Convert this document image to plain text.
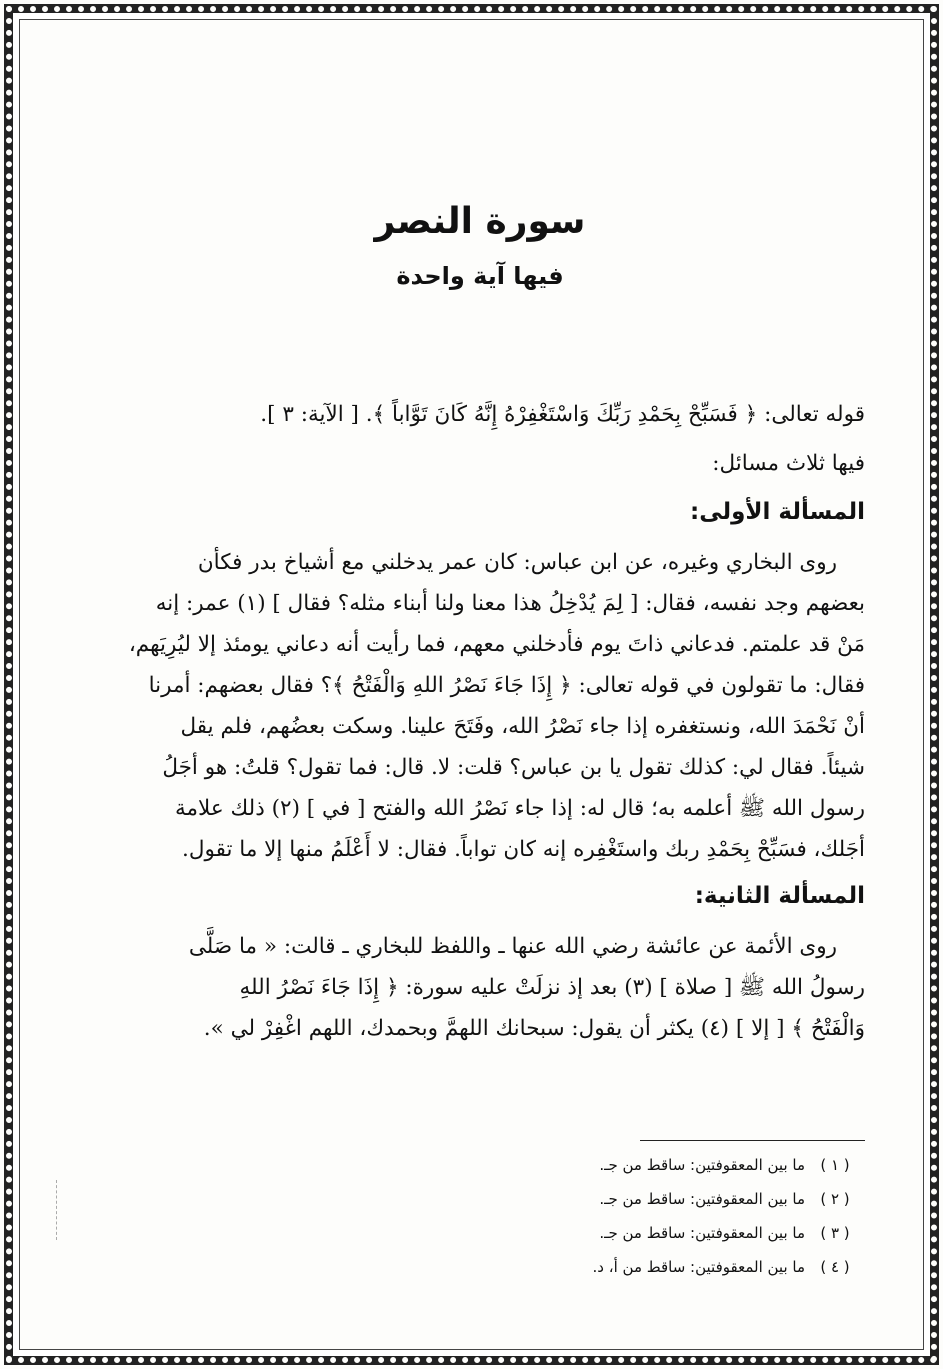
سورة النصر
فيها آية واحدة

قوله تعالى: ﴿ فَسَبِّحْ بِحَمْدِ رَبِّكَ وَاسْتَغْفِرْهُ إِنَّهُ كَانَ تَوَّاباً ﴾. [ الآية: ٣ ].

فيها ثلاث مسائل:

المسألة الأولى:

روى البخاري وغيره، عن ابن عباس: كان عمر يدخلني مع أشياخ بدر فكأن

بعضهم وجد نفسه، فقال: [ لِمَ يُدْخِلُ هذا معنا ولنا أبناء مثله؟ فقال ] (١) عمر: إنه

مَنْ قد علمتم. فدعاني ذاتَ يوم فأدخلني معهم، فما رأيت أنه دعاني يومئذ إلا ليُرِيَهم،

فقال: ما تقولون في قوله تعالى: ﴿ إِذَا جَاءَ نَصْرُ اللهِ وَالْفَتْحُ ﴾؟ فقال بعضهم: أمرنا

أنْ نَحْمَدَ الله، ونستغفره إذا جاء نَصْرُ الله، وفَتَحَ علينا. وسكت بعضُهم، فلم يقل

شيئاً. فقال لي: كذلك تقول يا بن عباس؟ قلت: لا. قال: فما تقول؟ قلتُ: هو أجَلُ

رسول الله ﷺ أعلمه به؛ قال له: إذا جاء نَصْرُ الله والفتح [ في ] (٢) ذلك علامة

أجَلك، فسَبِّحْ بِحَمْدِ ربك واستَغْفِره إنه كان تواباً. فقال: لا أَعْلَمُ منها إلا ما تقول.

المسألة الثانية:

روى الأئمة عن عائشة رضي الله عنها ـ واللفظ للبخاري ـ قالت: « ما صَلَّى

رسولُ الله ﷺ [ صلاة ] (٣) بعد إذ نزلَتْ عليه سورة: ﴿ إِذَا جَاءَ نَصْرُ اللهِ

وَالْفَتْحُ ﴾ [ إلا ] (٤) يكثر أن يقول: سبحانك اللهمَّ وبحمدك، اللهم اغْفِرْ لي ».

( ١ )
ما بين المعقوفتين: ساقط من جـ.
( ٢ )
ما بين المعقوفتين: ساقط من جـ.
( ٣ )
ما بين المعقوفتين: ساقط من جـ.
( ٤ )
ما بين المعقوفتين: ساقط من أ، د.
